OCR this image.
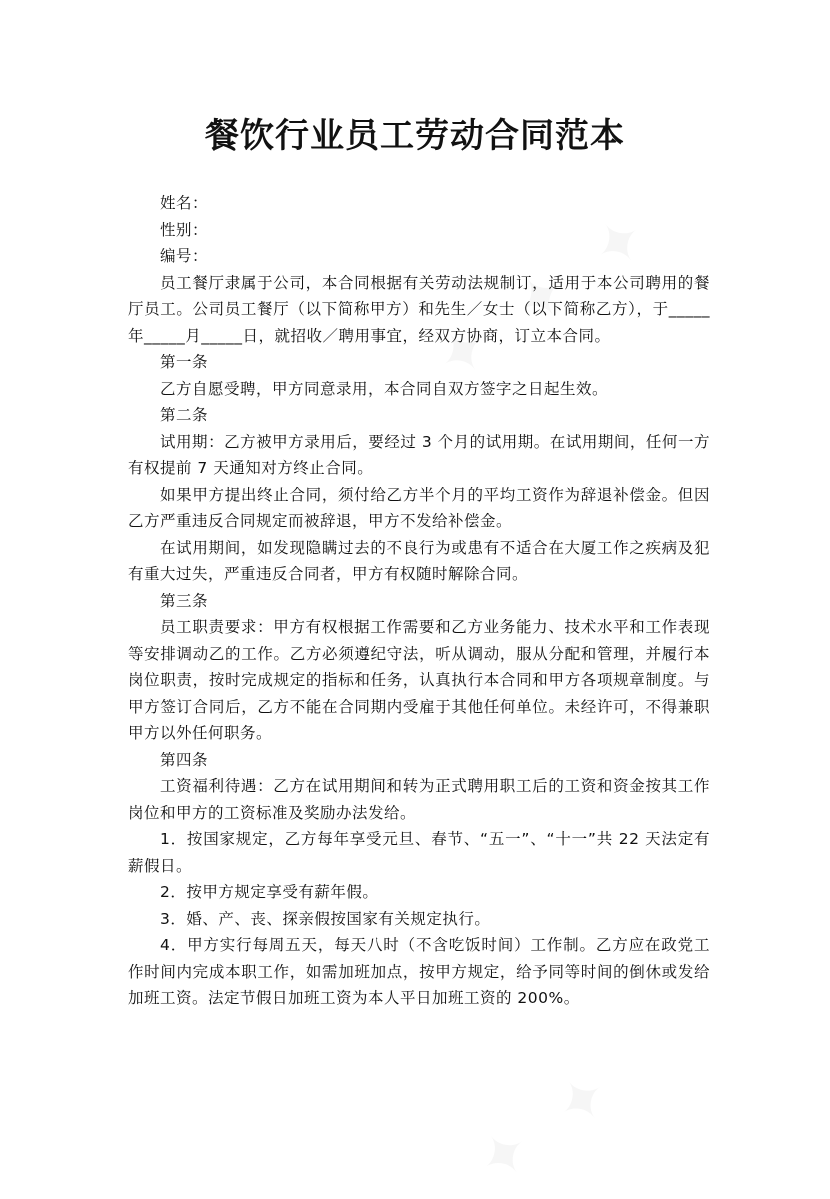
餐饮行业员工劳动合同范本

姓名：

性别：

编号：

员工餐厅隶属于公司，本合同根据有关劳动法规制订，适用于本公司聘用的餐厅员工。公司员工餐厅（以下简称甲方）和先生／女士（以下简称乙方），于_____年_____月_____日，就招收／聘用事宜，经双方协商，订立本合同。

第一条

乙方自愿受聘，甲方同意录用，本合同自双方签字之日起生效。

第二条

试用期：乙方被甲方录用后，要经过 3 个月的试用期。在试用期间，任何一方有权提前 7 天通知对方终止合同。

如果甲方提出终止合同，须付给乙方半个月的平均工资作为辞退补偿金。但因乙方严重违反合同规定而被辞退，甲方不发给补偿金。

在试用期间，如发现隐瞒过去的不良行为或患有不适合在大厦工作之疾病及犯有重大过失，严重违反合同者，甲方有权随时解除合同。

第三条

员工职责要求：甲方有权根据工作需要和乙方业务能力、技术水平和工作表现等安排调动乙的工作。乙方必须遵纪守法，听从调动，服从分配和管理，并履行本岗位职责，按时完成规定的指标和任务，认真执行本合同和甲方各项规章制度。与甲方签订合同后，乙方不能在合同期内受雇于其他任何单位。未经许可，不得兼职甲方以外任何职务。

第四条

工资福利待遇：乙方在试用期间和转为正式聘用职工后的工资和资金按其工作岗位和甲方的工资标准及奖励办法发给。

1．按国家规定，乙方每年享受元旦、春节、“五一”、“十一”共 22 天法定有薪假日。

2．按甲方规定享受有薪年假。

3．婚、产、丧、探亲假按国家有关规定执行。

4．甲方实行每周五天，每天八时（不含吃饭时间）工作制。乙方应在政党工作时间内完成本职工作，如需加班加点，按甲方规定，给予同等时间的倒休或发给加班工资。法定节假日加班工资为本人平日加班工资的 200%。
